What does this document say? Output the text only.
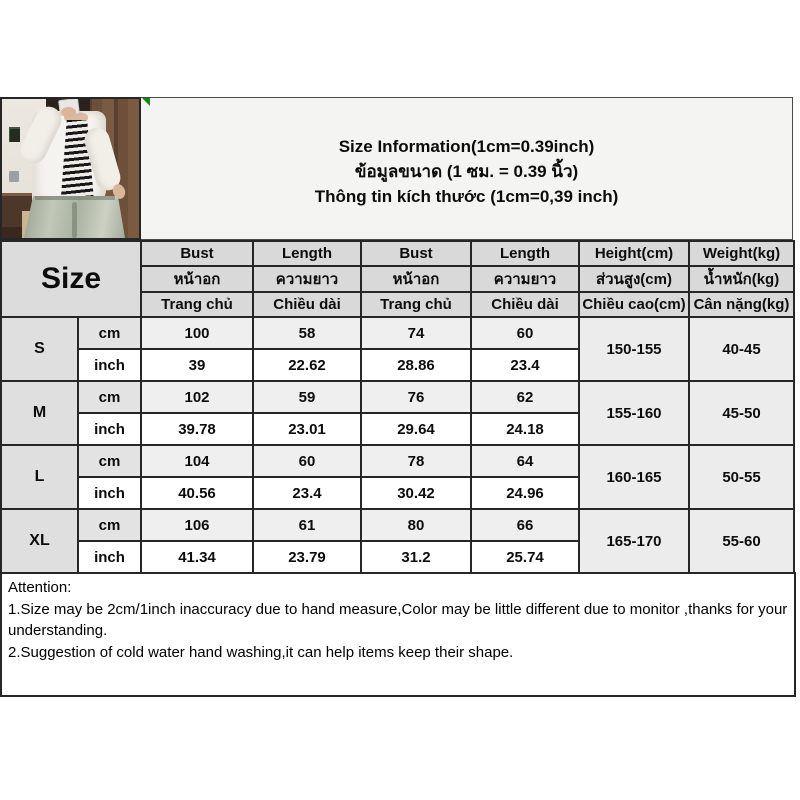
Size Information(1cm=0.39inch)
ข้อมูลขนาด (1 ซม. = 0.39 นิ้ว)
Thông tin kích thước (1cm=0,39 inch)
Size		Bust	Length	Bust	Length	Height(cm)	Weight(kg)
		หน้าอก	ความยาว	หน้าอก	ความยาว	ส่วนสูง(cm)	น้ำหนัก(kg)
		Trang chủ	Chiều dài	Trang chủ	Chiều dài	Chiều cao(cm)	Cân nặng(kg)
S	cm	100	58	74	60	150-155	40-45
	inch	39	22.62	28.86	23.4		
M	cm	102	59	76	62	155-160	45-50
	inch	39.78	23.01	29.64	24.18		
L	cm	104	60	78	64	160-165	50-55
	inch	40.56	23.4	30.42	24.96		
XL	cm	106	61	80	66	165-170	55-60
	inch	41.34	23.79	31.2	25.74		

Attention:

1.Size may be 2cm/1inch inaccuracy due to hand measure,Color may be little different due to monitor ,thanks for your understanding.

2.Suggestion of cold water hand washing,it can help items keep their shape.
